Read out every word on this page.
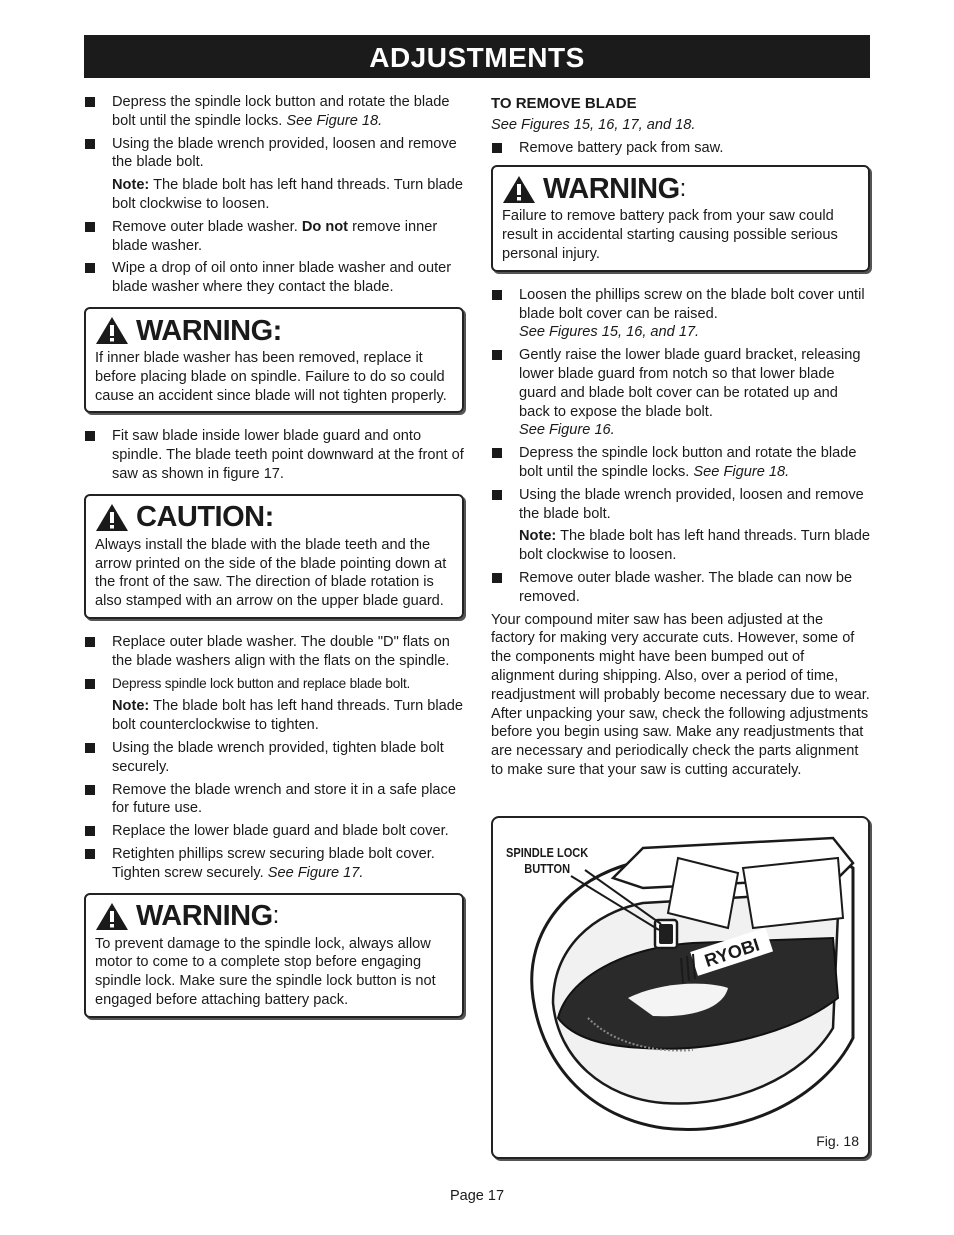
ADJUSTMENTS

Depress the spindle lock button and rotate the blade bolt until the spindle locks. See Figure 18.

Using the blade wrench provided, loosen and remove the blade bolt.

Note: The blade bolt has left hand threads. Turn blade bolt clockwise to loosen.

Remove outer blade washer. Do not remove inner blade washer.

Wipe a drop of oil onto inner blade washer and outer blade washer where they contact the blade.

WARNING:
If inner blade washer has been removed, replace it before placing blade on spindle. Failure to do so could cause an accident since blade will not tighten properly.

Fit saw blade inside lower blade guard and onto spindle. The blade teeth point downward at the front of saw as shown in figure 17.

CAUTION:
Always install the blade with the blade teeth and the arrow printed on the side of the blade pointing down at the front of the saw. The direction of blade rotation is also stamped with an arrow on the upper blade guard.

Replace outer blade washer. The double "D" flats on the blade washers align with the flats on the spindle.

Depress spindle lock button and replace blade bolt.

Note: The blade bolt has left hand threads. Turn blade bolt counterclockwise to tighten.

Using the blade wrench provided, tighten blade bolt securely.

Remove the blade wrench and store it in a safe place for future use.

Replace the lower blade guard and blade bolt cover.

Retighten phillips screw securing blade bolt cover. Tighten screw securely. See Figure 17.

WARNING :
To prevent damage to the spindle lock, always allow motor to come to a complete stop before engaging spindle lock. Make sure the spindle lock button is not engaged before attaching battery pack.
TO REMOVE BLADE
See Figures 15, 16, 17, and 18.

Remove battery pack from saw.

WARNING :
Failure to remove battery pack from your saw could result in accidental starting causing possible serious personal injury.

Loosen the phillips screw on the blade bolt cover until blade bolt cover can be raised.
See Figures 15, 16, and 17.

Gently raise the lower blade guard bracket, releasing lower blade guard from notch so that lower blade guard and blade bolt cover can be rotated up and back to expose the blade bolt.
See Figure 16.

Depress the spindle lock button and rotate the blade bolt until the spindle locks. See Figure 18.

Using the blade wrench provided, loosen and remove the blade bolt.

Note: The blade bolt has left hand threads. Turn blade bolt clockwise to loosen.

Remove outer blade washer. The blade can now be removed.

Your compound miter saw has been adjusted at the factory for making very accurate cuts. However, some of the components might have been bumped out of alignment during shipping. Also, over a period of time, readjustment will probably become necessary due to wear. After unpacking your saw, check the following adjustments before you begin using saw. Make any readjustments that are necessary and periodically check the parts alignment to make sure that your saw is cutting accurately.

RYOBI
SPINDLE LOCK
BUTTON
Fig. 18
Page 17
